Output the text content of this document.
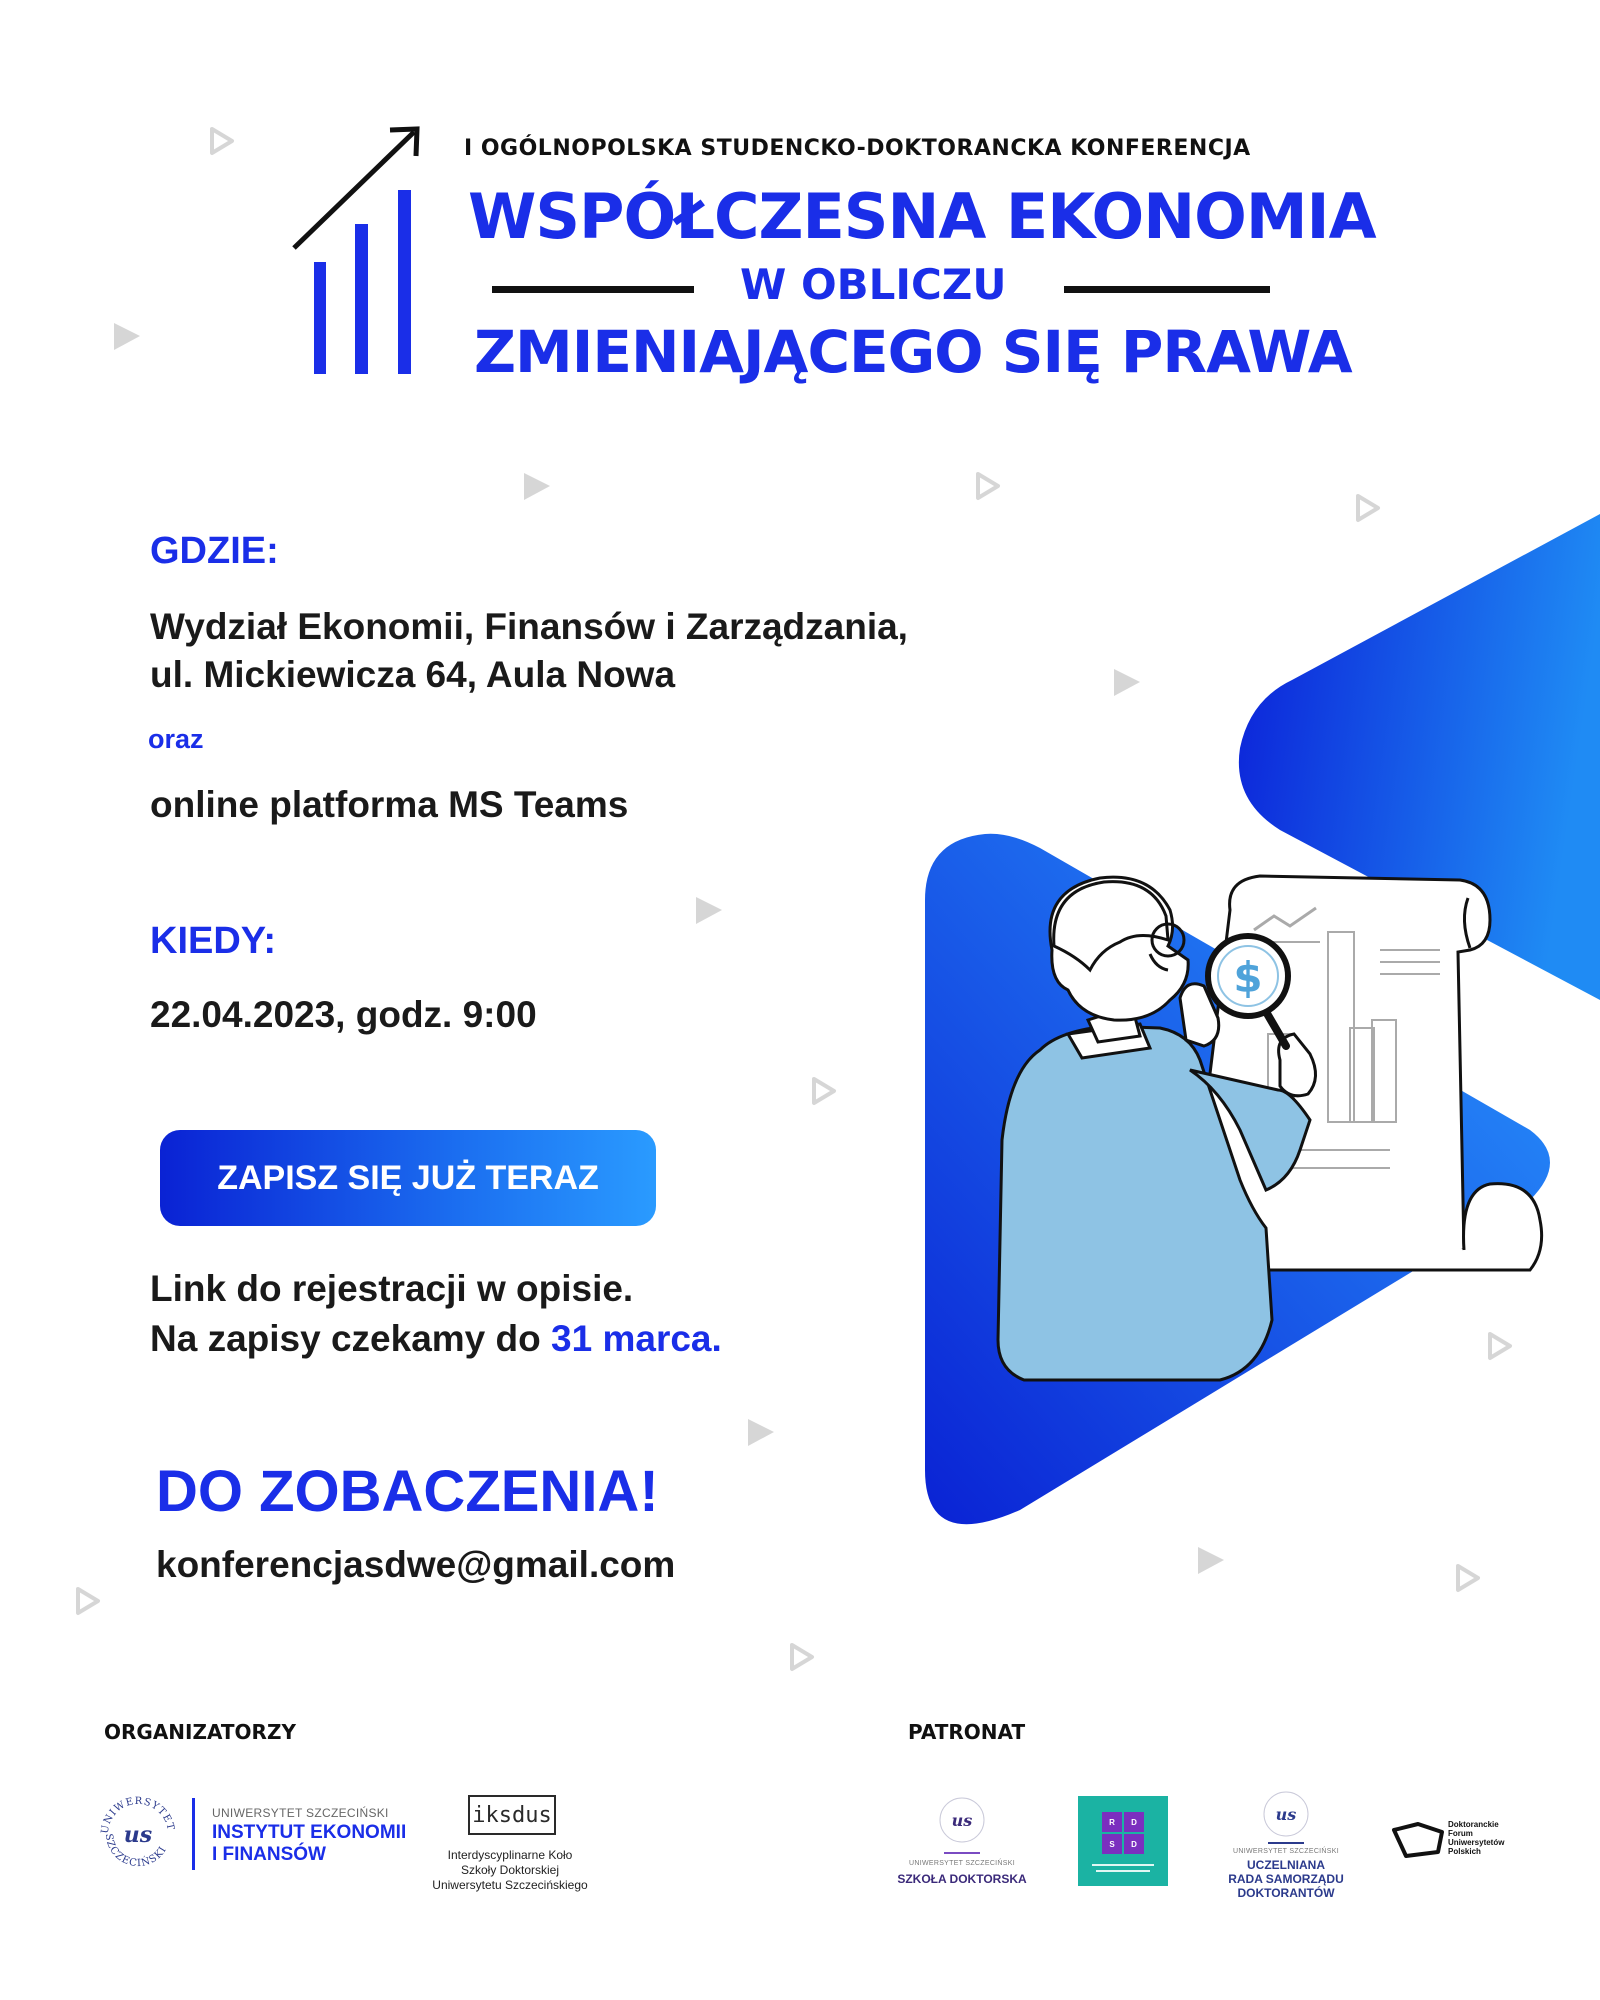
I OGÓLNOPOLSKA STUDENCKO-DOKTORANCKA KONFERENCJA
WSPÓŁCZESNA EKONOMIA
W OBLICZU
ZMIENIAJĄCEGO SIĘ PRAWA
GDZIE:
Wydział Ekonomii, Finansów i Zarządzania,
ul. Mickiewicza 64, Aula Nowa
oraz
online platforma MS Teams
KIEDY:
22.04.2023, godz. 9:00
ZAPISZ SIĘ JUŻ TERAZ
Link do rejestracji w opisie.
Na zapisy czekamy do 31 marca.
DO ZOBACZENIA!
konferencjasdwe@gmail.com
$
ORGANIZATORZY	PATRONAT
UNIWERSYTET
SZCZECIŃSKI
us
UNIWERSYTET SZCZECIŃSKI
INSTYTUT EKONOMII
I FINANSÓW
iksdus
Interdyscyplinarne Koło
Szkoły Doktorskiej
Uniwersytetu Szczecińskiego
us
UNIWERSYTET SZCZECIŃSKI
SZKOŁA DOKTORSKA
R	D
S	D
us
UNIWERSYTET SZCZECIŃSKI
UCZELNIANA
RADA SAMORZĄDU
DOKTORANTÓW
Doktoranckie
Forum
Uniwersytetów
Polskich
